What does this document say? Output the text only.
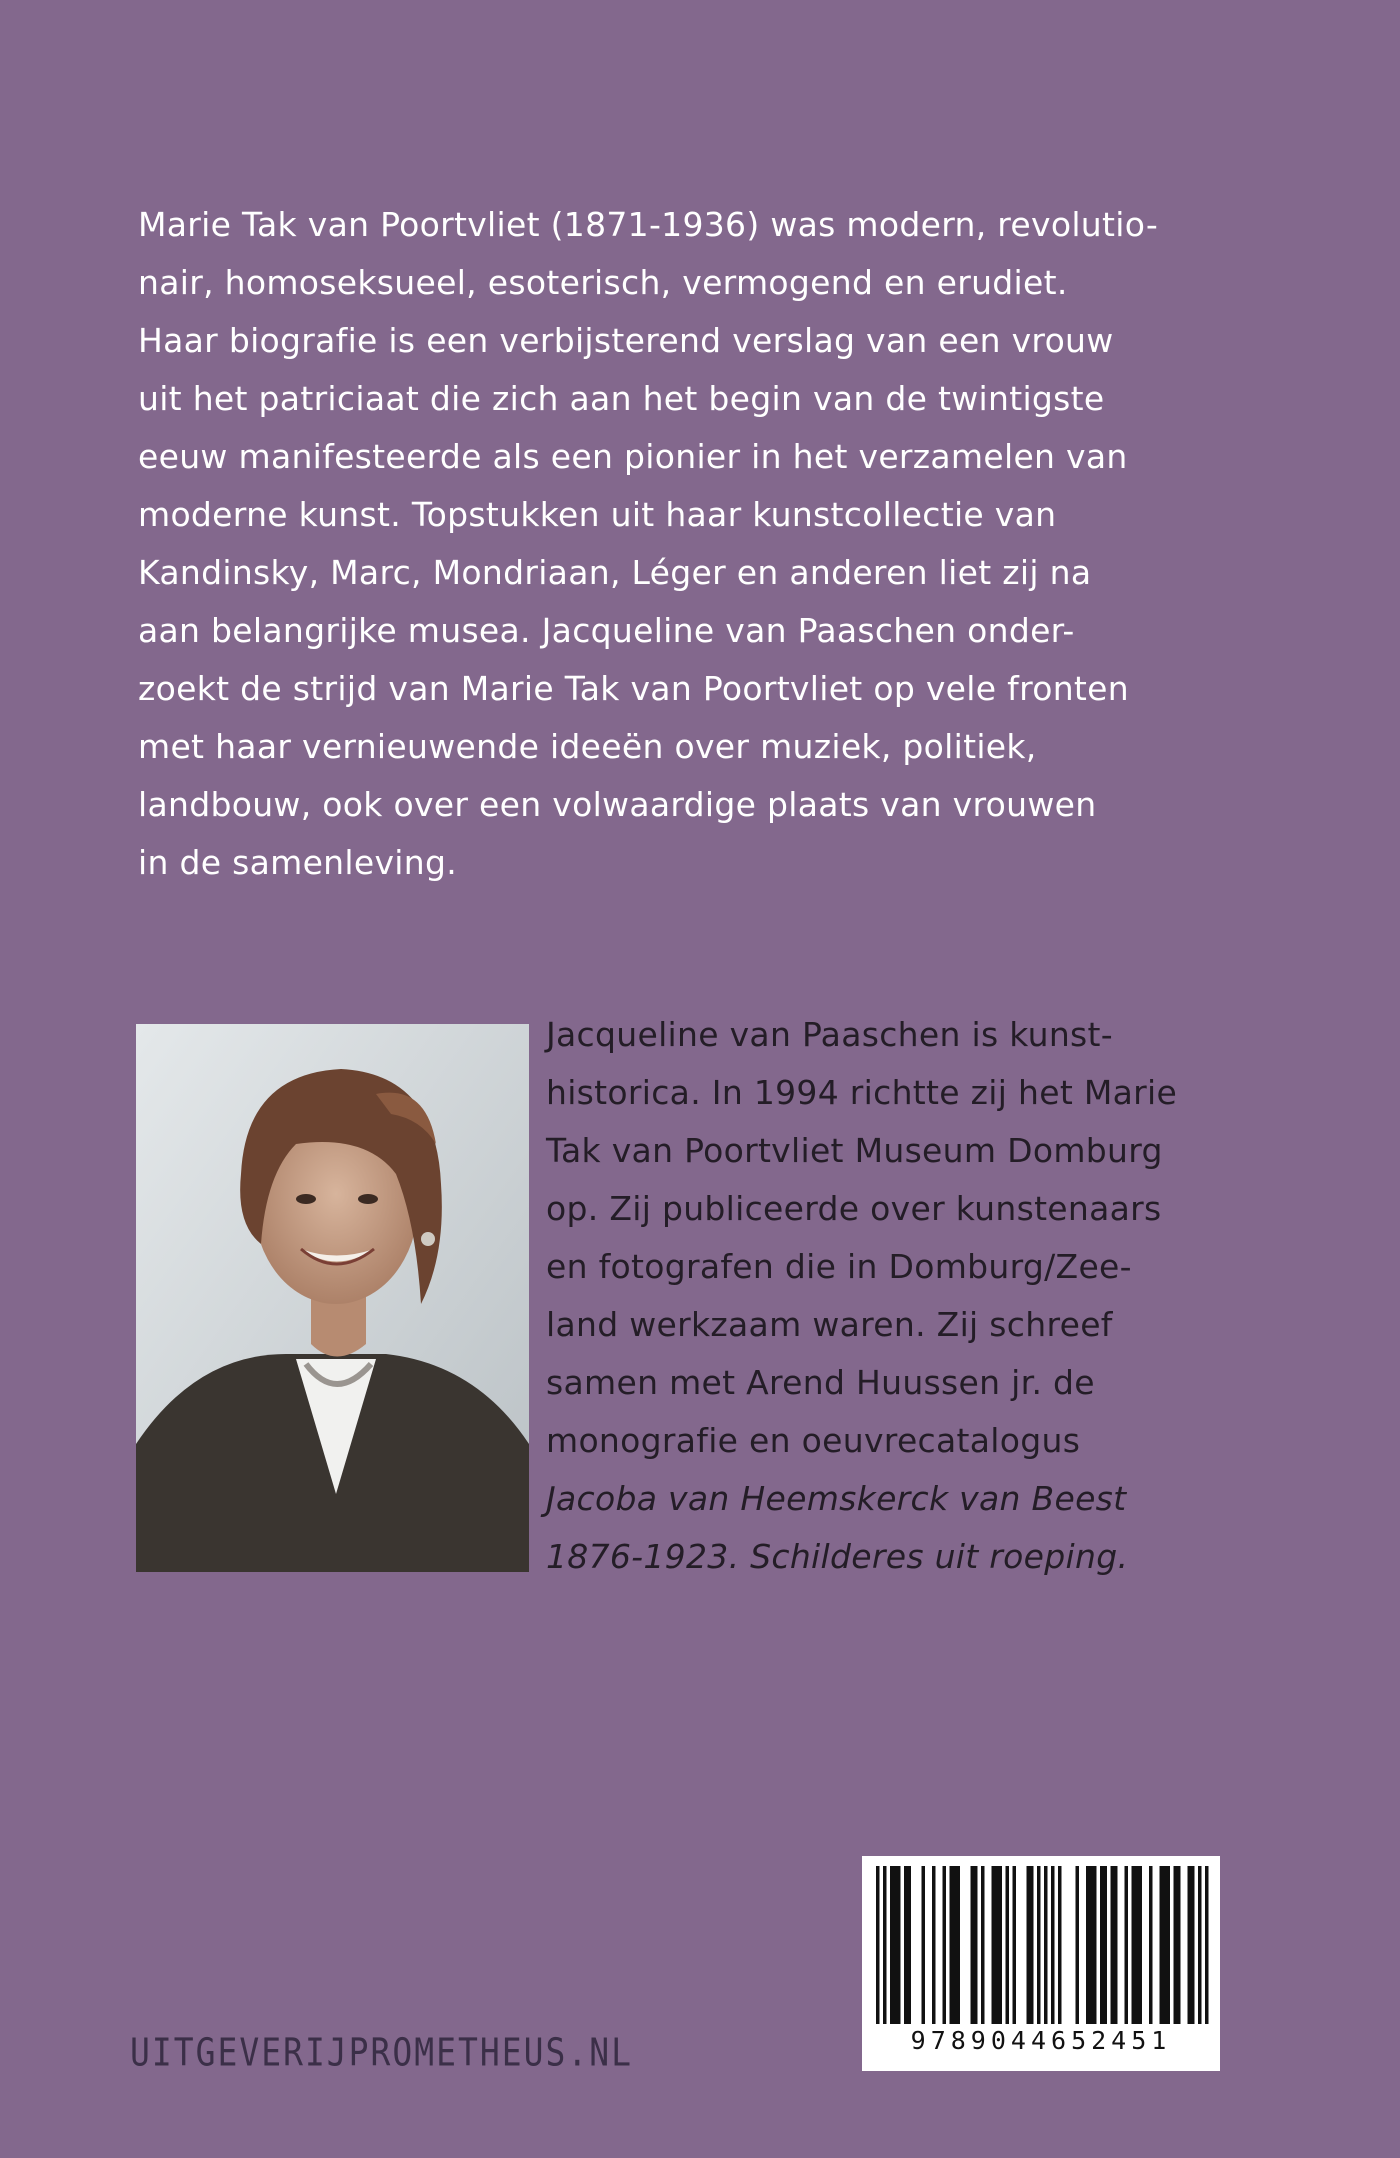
Marie Tak van Poortvliet (1871-1936) was modern, revolutio-
nair, homoseksueel, esoterisch, vermogend en erudiet.
Haar biografie is een verbijsterend verslag van een vrouw
uit het patriciaat die zich aan het begin van de twintigste
eeuw manifesteerde als een pionier in het verzamelen van
moderne kunst. Topstukken uit haar kunstcollectie van
Kandinsky, Marc, Mondriaan, Léger en anderen liet zij na
aan belangrijke musea. Jacqueline van Paaschen onder-
zoekt de strijd van Marie Tak van Poortvliet op vele fronten
met haar vernieuwende ideeën over muziek, politiek,
landbouw, ook over een volwaardige plaats van vrouwen
in de samenleving.
Jacqueline van Paaschen is kunst-
historica. In 1994 richtte zij het Marie
Tak van Poortvliet Museum Domburg
op. Zij publiceerde over kunstenaars
en fotografen die in Domburg/Zee-
land werkzaam waren. Zij schreef
samen met Arend Huussen jr. de
monografie en oeuvrecatalogus
Jacoba van Heemskerck van Beest
1876-1923. Schilderes uit roeping.
UITGEVERIJPROMETHEUS.NL	9789044652451
